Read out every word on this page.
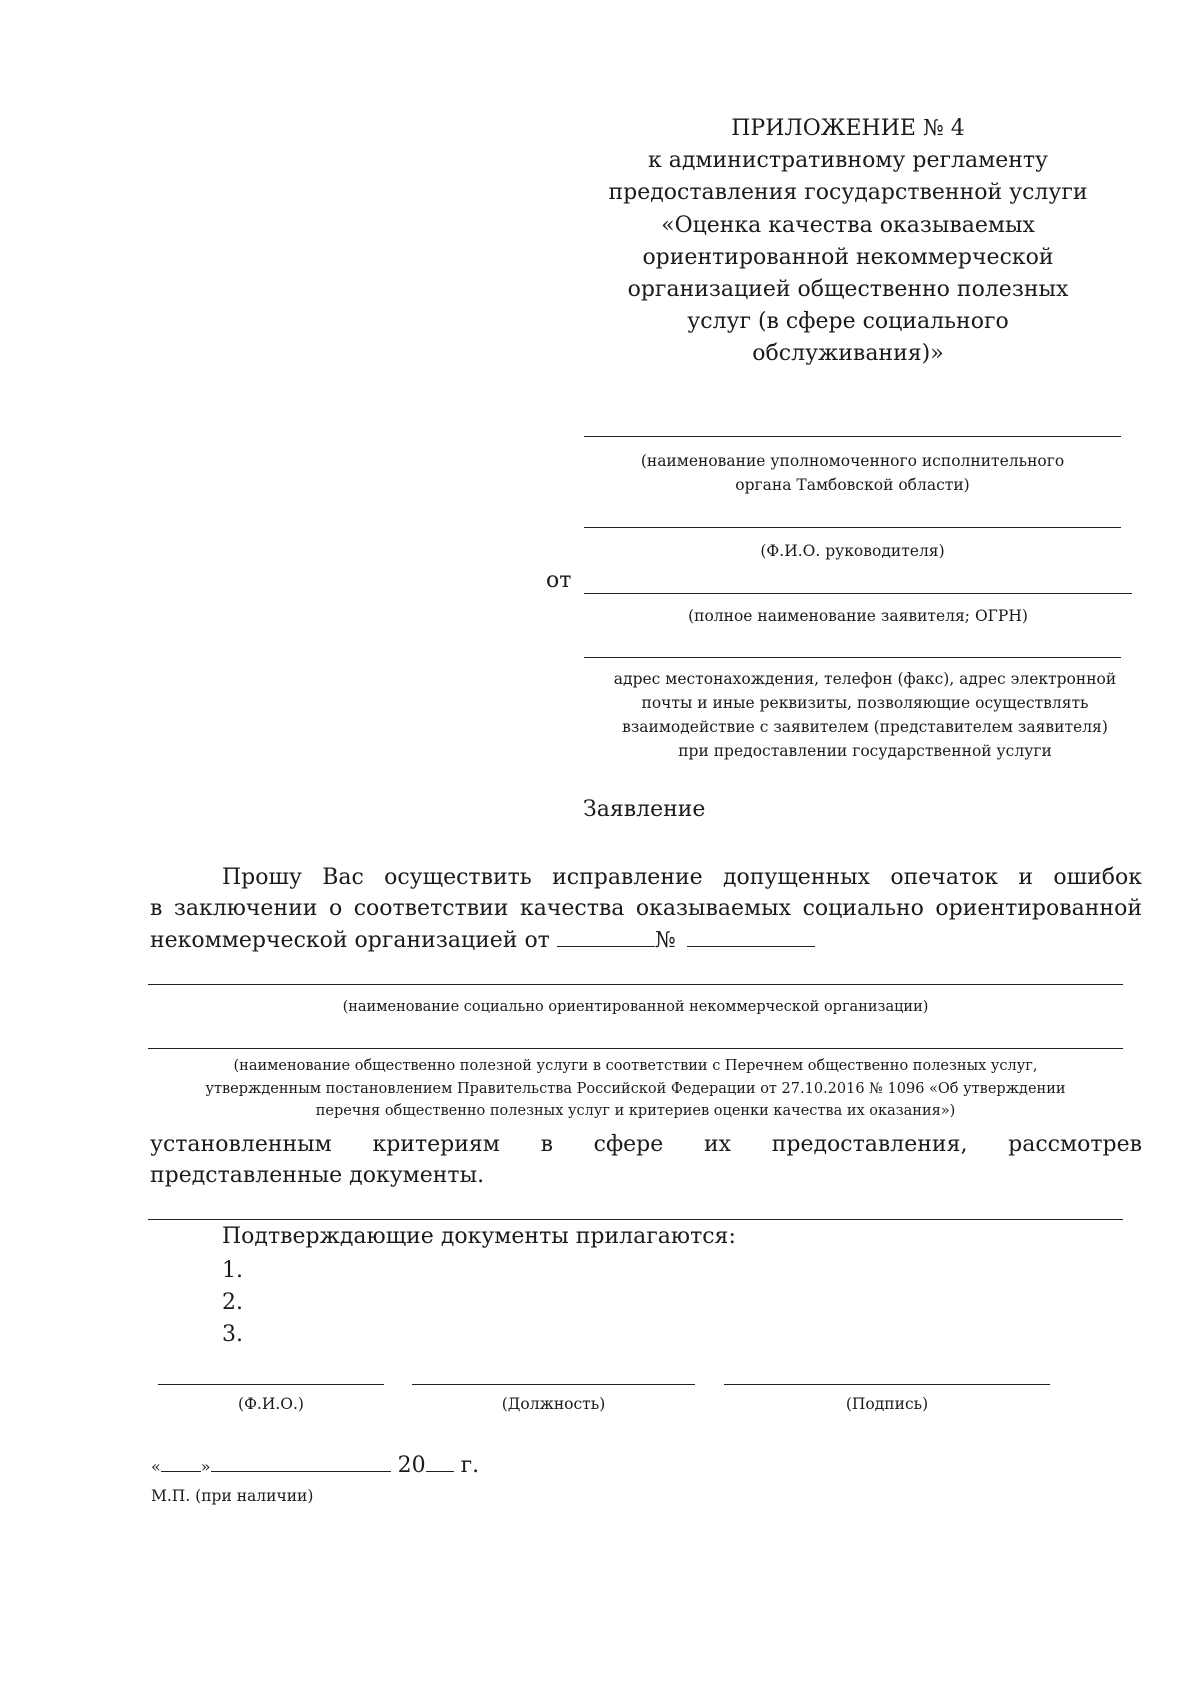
ПРИЛОЖЕНИЕ № 4
к административному регламенту
предоставления государственной услуги
«Оценка качества оказываемых
ориентированной некоммерческой
организацией общественно полезных
услуг (в сфере социального
обслуживания)»
(наименование уполномоченного исполнительного
органа Тамбовской области)
(Ф.И.О. руководителя)
от
(полное наименование заявителя; ОГРН)
адрес местонахождения, телефон (факс), адрес электронной
почты и иные реквизиты, позволяющие осуществлять
взаимодействие с заявителем (представителем заявителя)
при предоставлении государственной услуги
Заявление
Прошу Вас осуществить исправление допущенных опечаток и ошибок
в заключении о соответствии качества оказываемых социально ориентированной
некоммерческой организацией от	№
(наименование социально ориентированной некоммерческой организации)
(наименование общественно полезной услуги в соответствии с Перечнем общественно полезных услуг,
утвержденным постановлением Правительства Российской Федерации от 27.10.2016 № 1096 «Об утверждении
перечня общественно полезных услуг и критериев оценки качества их оказания»)
установленным критериям в сфере их предоставления, рассмотрев
представленные документы.
Подтверждающие документы прилагаются:
1.
2.
3.
(Ф.И.О.)	(Должность)	(Подпись)
«	»	20 г.
М.П. (при наличии)
